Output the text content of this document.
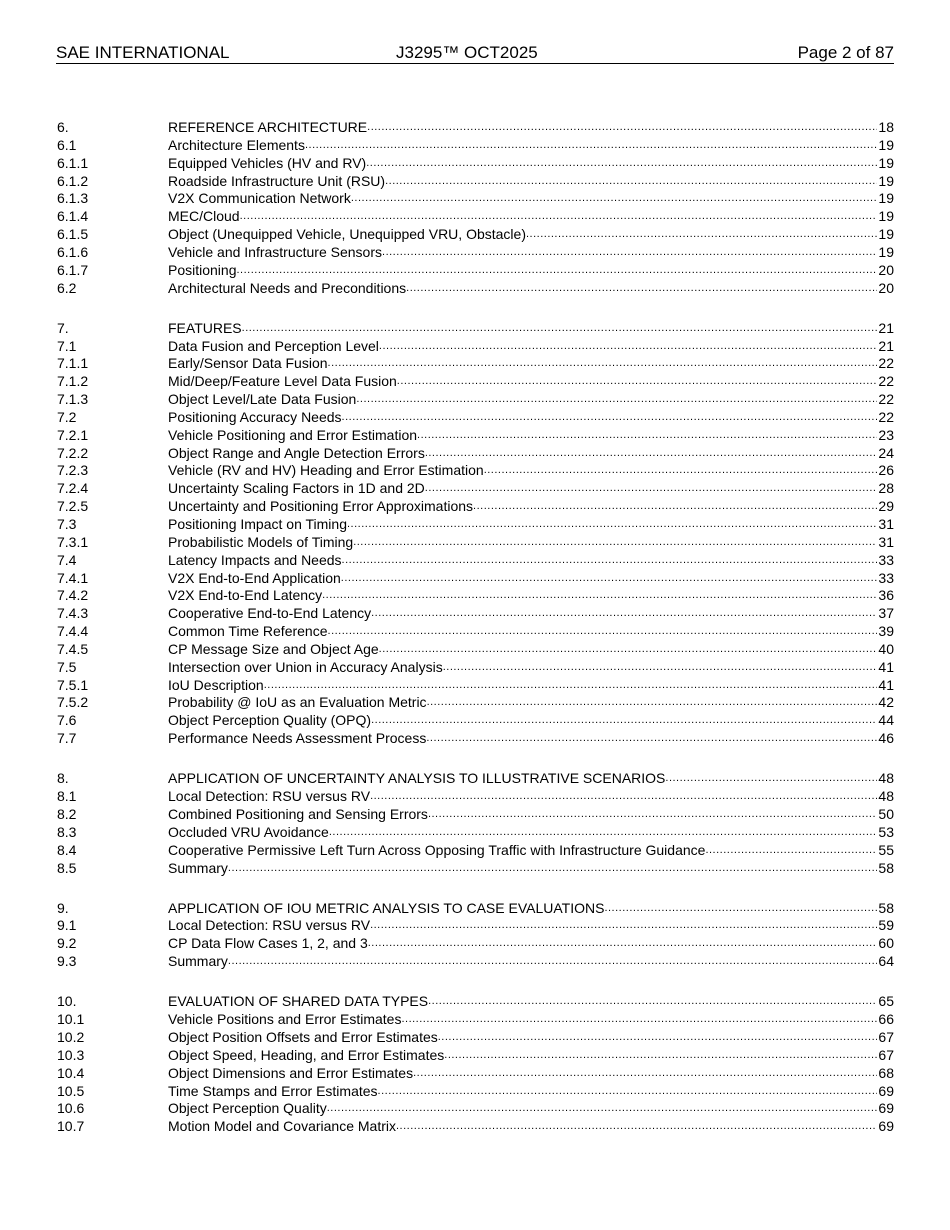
SAE INTERNATIONAL	J3295™ OCT2025	Page 2 of 87
6.	REFERENCE ARCHITECTURE .....	18
6.1	Architecture Elements .....	19
6.1.1	Equipped Vehicles (HV and RV) .....	19
6.1.2	Roadside Infrastructure Unit (RSU) .....	19
6.1.3	V2X Communication Network .....	19
6.1.4	MEC/Cloud .....	19
6.1.5	Object (Unequipped Vehicle, Unequipped VRU, Obstacle) .....	19
6.1.6	Vehicle and Infrastructure Sensors .....	19
6.1.7	Positioning .....	20
6.2	Architectural Needs and Preconditions .....	20
7.	FEATURES .....	21
7.1	Data Fusion and Perception Level .....	21
7.1.1	Early/Sensor Data Fusion .....	22
7.1.2	Mid/Deep/Feature Level Data Fusion .....	22
7.1.3	Object Level/Late Data Fusion .....	22
7.2	Positioning Accuracy Needs .....	22
7.2.1	Vehicle Positioning and Error Estimation .....	23
7.2.2	Object Range and Angle Detection Errors .....	24
7.2.3	Vehicle (RV and HV) Heading and Error Estimation .....	26
7.2.4	Uncertainty Scaling Factors in 1D and 2D .....	28
7.2.5	Uncertainty and Positioning Error Approximations .....	29
7.3	Positioning Impact on Timing .....	31
7.3.1	Probabilistic Models of Timing .....	31
7.4	Latency Impacts and Needs .....	33
7.4.1	V2X End-to-End Application .....	33
7.4.2	V2X End-to-End Latency .....	36
7.4.3	Cooperative End-to-End Latency .....	37
7.4.4	Common Time Reference .....	39
7.4.5	CP Message Size and Object Age .....	40
7.5	Intersection over Union in Accuracy Analysis .....	41
7.5.1	IoU Description .....	41
7.5.2	Probability @ IoU as an Evaluation Metric .....	42
7.6	Object Perception Quality (OPQ) .....	44
7.7	Performance Needs Assessment Process .....	46
8.	APPLICATION OF UNCERTAINTY ANALYSIS TO ILLUSTRATIVE SCENARIOS .....	48
8.1	Local Detection: RSU versus RV .....	48
8.2	Combined Positioning and Sensing Errors .....	50
8.3	Occluded VRU Avoidance .....	53
8.4	Cooperative Permissive Left Turn Across Opposing Traffic with Infrastructure Guidance .....	55
8.5	Summary .....	58
9.	APPLICATION OF IOU METRIC ANALYSIS TO CASE EVALUATIONS .....	58
9.1	Local Detection: RSU versus RV .....	59
9.2	CP Data Flow Cases 1, 2, and 3 .....	60
9.3	Summary .....	64
10.	EVALUATION OF SHARED DATA TYPES .....	65
10.1	Vehicle Positions and Error Estimates .....	66
10.2	Object Position Offsets and Error Estimates .....	67
10.3	Object Speed, Heading, and Error Estimates .....	67
10.4	Object Dimensions and Error Estimates .....	68
10.5	Time Stamps and Error Estimates .....	69
10.6	Object Perception Quality .....	69
10.7	Motion Model and Covariance Matrix .....	69
